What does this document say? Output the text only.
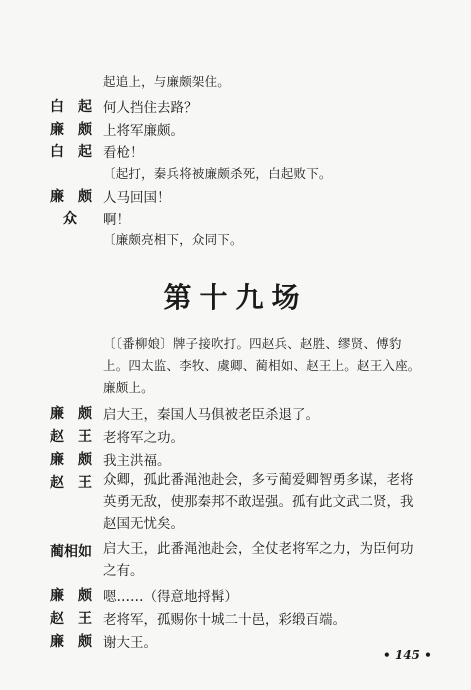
起追上，与廉颇架住。
白　起 何人挡住去路？
廉　颇 上将军廉颇。
白　起 看枪！
〔起打，秦兵将被廉颇杀死，白起败下。
廉　颇 人马回国！
众	啊！
〔廉颇亮相下，众同下。
第十九场
〔〔番柳娘〕牌子接吹打。四赵兵、赵胜、缪贤、傅豹上。四太监、李牧、虞卿、蔺相如、赵王上。赵王入座。廉颇上。
廉　颇 启大王，秦国人马俱被老臣杀退了。
赵　王 老将军之功。
廉　颇 我主洪福。
赵　王 众卿，孤此番渑池赴会，多亏蔺爱卿智勇多谋，老将英勇无敌，使那秦邦不敢逞强。孤有此文武二贤，我赵国无忧矣。
蔺相如 启大王，此番渑池赴会，全仗老将军之力，为臣何功之有。
廉　颇 嗯……（得意地捋髯）
赵　王 老将军，孤赐你十城二十邑，彩缎百端。
廉　颇 谢大王。
• 145 •
